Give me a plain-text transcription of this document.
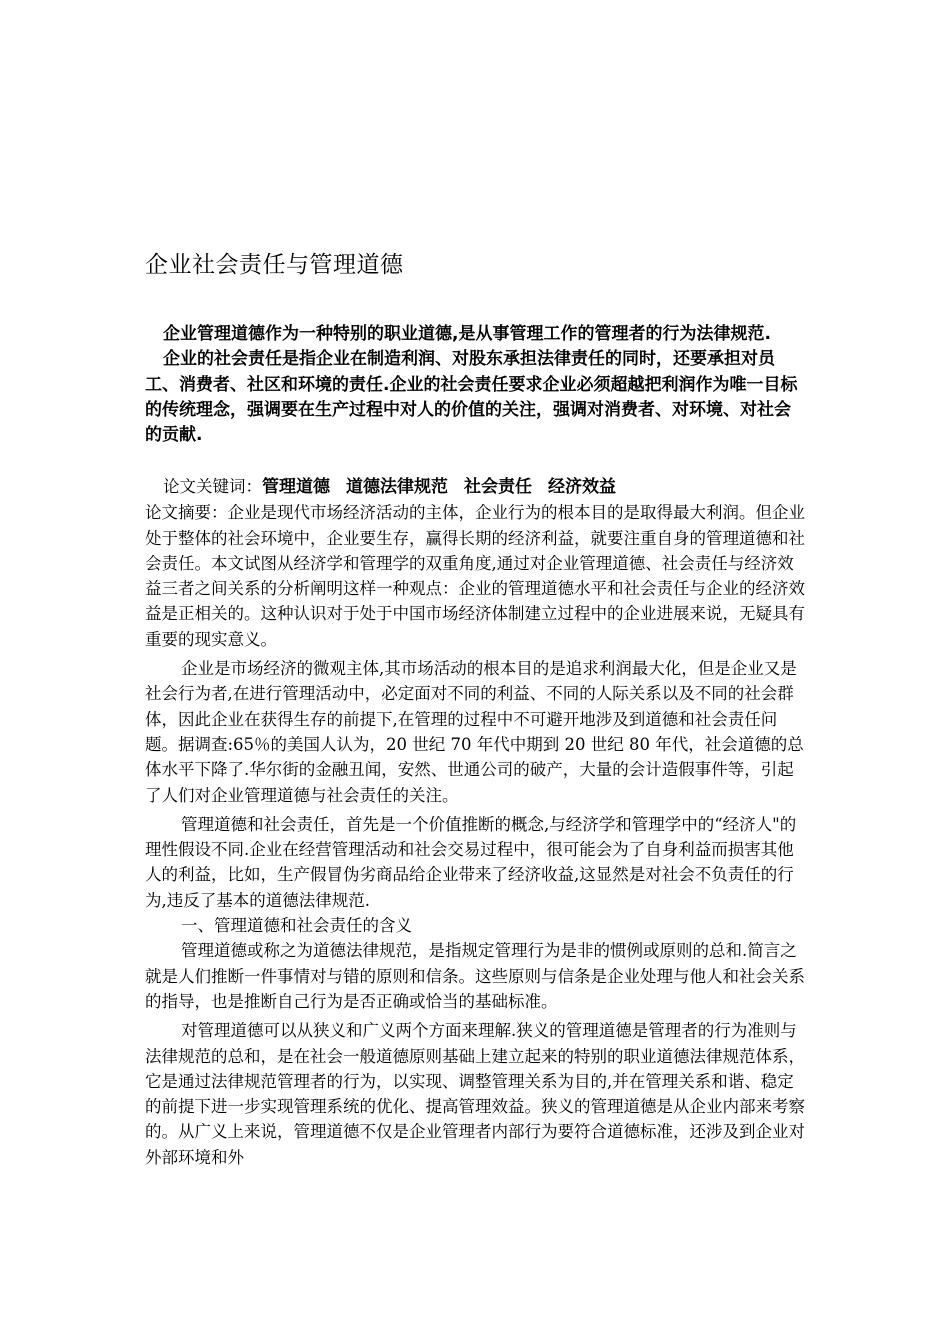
企业社会责任与管理道德

企业管理道德作为一种特别的职业道德,是从事管理工作的管理者的行为法律规范.

企业的社会责任是指企业在制造利润、对股东承担法律责任的同时，还要承担对员工、消费者、社区和环境的责任.企业的社会责任要求企业必须超越把利润作为唯一目标的传统理念，强调要在生产过程中对人的价值的关注，强调对消费者、对环境、对社会的贡献.

论文关键词：管理道德 道德法律规范 社会责任 经济效益

论文摘要：企业是现代市场经济活动的主体，企业行为的根本目的是取得最大利润。但企业处于整体的社会环境中，企业要生存，赢得长期的经济利益，就要注重自身的管理道德和社会责任。本文试图从经济学和管理学的双重角度,通过对企业管理道德、社会责任与经济效益三者之间关系的分析阐明这样一种观点：企业的管理道德水平和社会责任与企业的经济效益是正相关的。这种认识对于处于中国市场经济体制建立过程中的企业进展来说，无疑具有重要的现实意义。

企业是市场经济的微观主体,其市场活动的根本目的是追求利润最大化，但是企业又是社会行为者,在进行管理活动中，必定面对不同的利益、不同的人际关系以及不同的社会群体，因此企业在获得生存的前提下,在管理的过程中不可避开地涉及到道德和社会责任问题。据调查:65％的美国人认为，20 世纪 70 年代中期到 20 世纪 80 年代，社会道德的总体水平下降了.华尔街的金融丑闻，安然、世通公司的破产，大量的会计造假事件等，引起了人们对企业管理道德与社会责任的关注。

管理道德和社会责任，首先是一个价值推断的概念,与经济学和管理学中的“经济人"的理性假设不同.企业在经营管理活动和社会交易过程中，很可能会为了自身利益而损害其他人的利益，比如，生产假冒伪劣商品给企业带来了经济收益,这显然是对社会不负责任的行为,违反了基本的道德法律规范.

一、管理道德和社会责任的含义

管理道德或称之为道德法律规范，是指规定管理行为是非的惯例或原则的总和.简言之就是人们推断一件事情对与错的原则和信条。这些原则与信条是企业处理与他人和社会关系的指导，也是推断自己行为是否正确或恰当的基础标准。

对管理道德可以从狭义和广义两个方面来理解.狭义的管理道德是管理者的行为准则与法律规范的总和，是在社会一般道德原则基础上建立起来的特别的职业道德法律规范体系，它是通过法律规范管理者的行为，以实现、调整管理关系为目的,并在管理关系和谐、稳定的前提下进一步实现管理系统的优化、提高管理效益。狭义的管理道德是从企业内部来考察的。从广义上来说，管理道德不仅是企业管理者内部行为要符合道德标准，还涉及到企业对外部环境和外
